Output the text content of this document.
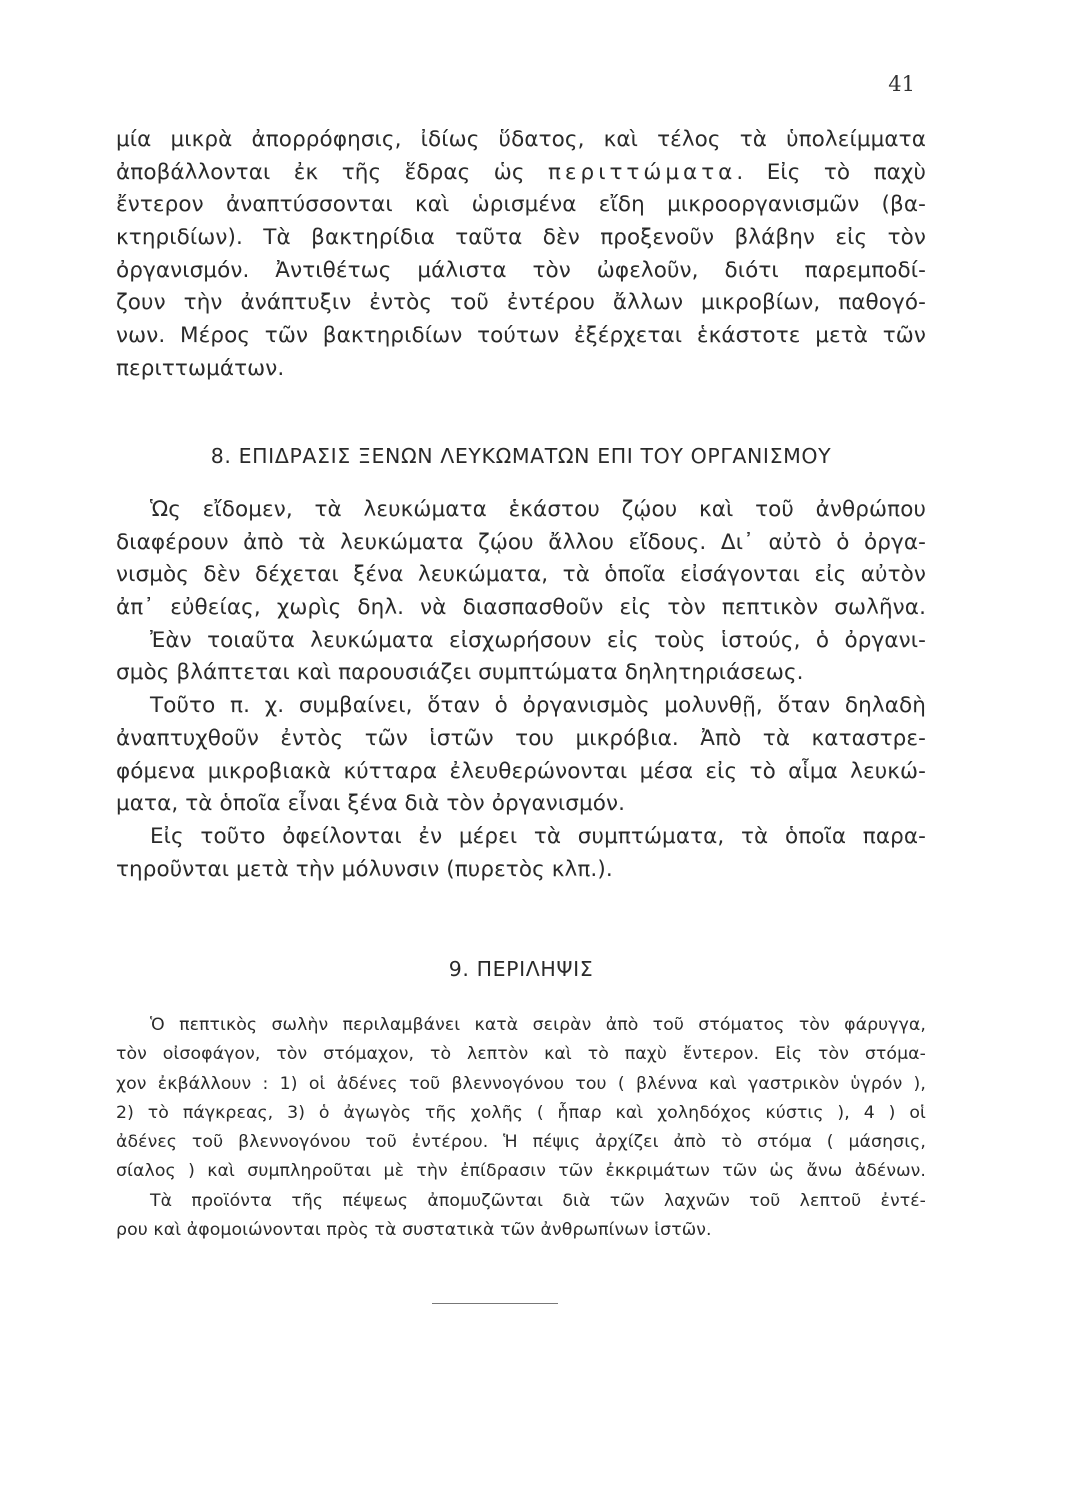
41

μία μικρὰ ἀπορρόφησις, ἰδίως ὕδατος, καὶ τέλος τὰ ὑπολείμματα
ἀποβάλλονται ἐκ τῆς ἕδρας ὡς περιττώματα. Εἰς τὸ παχὺ
ἔντερον ἀναπτύσσονται καὶ ὡρισμένα εἴδη μικροοργανισμῶν (βα-
κτηριδίων). Τὰ βακτηρίδια ταῦτα δὲν προξενοῦν βλάβην εἰς τὸν
ὀργανισμόν. Ἀντιθέτως μάλιστα τὸν ὠφελοῦν, διότι παρεμποδί-
ζουν τὴν ἀνάπτυξιν ἐντὸς τοῦ ἐντέρου ἄλλων μικροβίων, παθογό-
νων. Μέρος τῶν βακτηριδίων τούτων ἐξέρχεται ἑκάστοτε μετὰ τῶν
περιττωμάτων.
8. ΕΠΙΔΡΑΣΙΣ ΞΕΝΩΝ ΛΕΥΚΩΜΑΤΩΝ ΕΠΙ ΤΟΥ ΟΡΓΑΝΙΣΜΟΥ
Ὡς εἴδομεν, τὰ λευκώματα ἑκάστου ζῴου καὶ τοῦ ἀνθρώπου
διαφέρουν ἀπὸ τὰ λευκώματα ζῴου ἄλλου εἴδους. Δι᾿ αὐτὸ ὁ ὀργα-
νισμὸς δὲν δέχεται ξένα λευκώματα, τὰ ὁποῖα εἰσάγονται εἰς αὐτὸν
ἀπ᾿ εὐθείας, χωρὶς δηλ. νὰ διασπασθοῦν εἰς τὸν πεπτικὸν σωλῆνα.
Ἐὰν τοιαῦτα λευκώματα εἰσχωρήσουν εἰς τοὺς ἱστούς, ὁ ὀργανι-
σμὸς βλάπτεται καὶ παρουσιάζει συμπτώματα δηλητηριάσεως.
Τοῦτο π. χ. συμβαίνει, ὅταν ὁ ὀργανισμὸς μολυνθῇ, ὅταν δηλαδὴ
ἀναπτυχθοῦν ἐντὸς τῶν ἱστῶν του μικρόβια. Ἀπὸ τὰ καταστρε-
φόμενα μικροβιακὰ κύτταρα ἐλευθερώνονται μέσα εἰς τὸ αἷμα λευκώ-
ματα, τὰ ὁποῖα εἶναι ξένα διὰ τὸν ὀργανισμόν.
Εἰς τοῦτο ὀφείλονται ἐν μέρει τὰ συμπτώματα, τὰ ὁποῖα παρα-
τηροῦνται μετὰ τὴν μόλυνσιν (πυρετὸς κλπ.).
9. ΠΕΡΙΛΗΨΙΣ
Ὁ πεπτικὸς σωλὴν περιλαμβάνει κατὰ σειρὰν ἀπὸ τοῦ στόματος τὸν φάρυγγα,
τὸν οἰσοφάγον, τὸν στόμαχον, τὸ λεπτὸν καὶ τὸ παχὺ ἔντερον. Εἰς τὸν στόμα-
χον ἐκβάλλουν : 1) οἱ ἀδένες τοῦ βλεννογόνου του ( βλέννα καὶ γαστρικὸν ὑγρόν ),
2) τὸ πάγκρεας, 3) ὁ ἀγωγὸς τῆς χολῆς ( ἧπαρ καὶ χοληδόχος κύστις ), 4 ) οἱ
ἀδένες τοῦ βλεννογόνου τοῦ ἐντέρου. Ἡ πέψις ἀρχίζει ἀπὸ τὸ στόμα ( μάσησις,
σίαλος ) καὶ συμπληροῦται μὲ τὴν ἐπίδρασιν τῶν ἐκκριμάτων τῶν ὡς ἄνω ἀδένων.
Τὰ προϊόντα τῆς πέψεως ἀπομυζῶνται διὰ τῶν λαχνῶν τοῦ λεπτοῦ ἐντέ-
ρου καὶ ἀφομοιώνονται πρὸς τὰ συστατικὰ τῶν ἀνθρωπίνων ἱστῶν.
